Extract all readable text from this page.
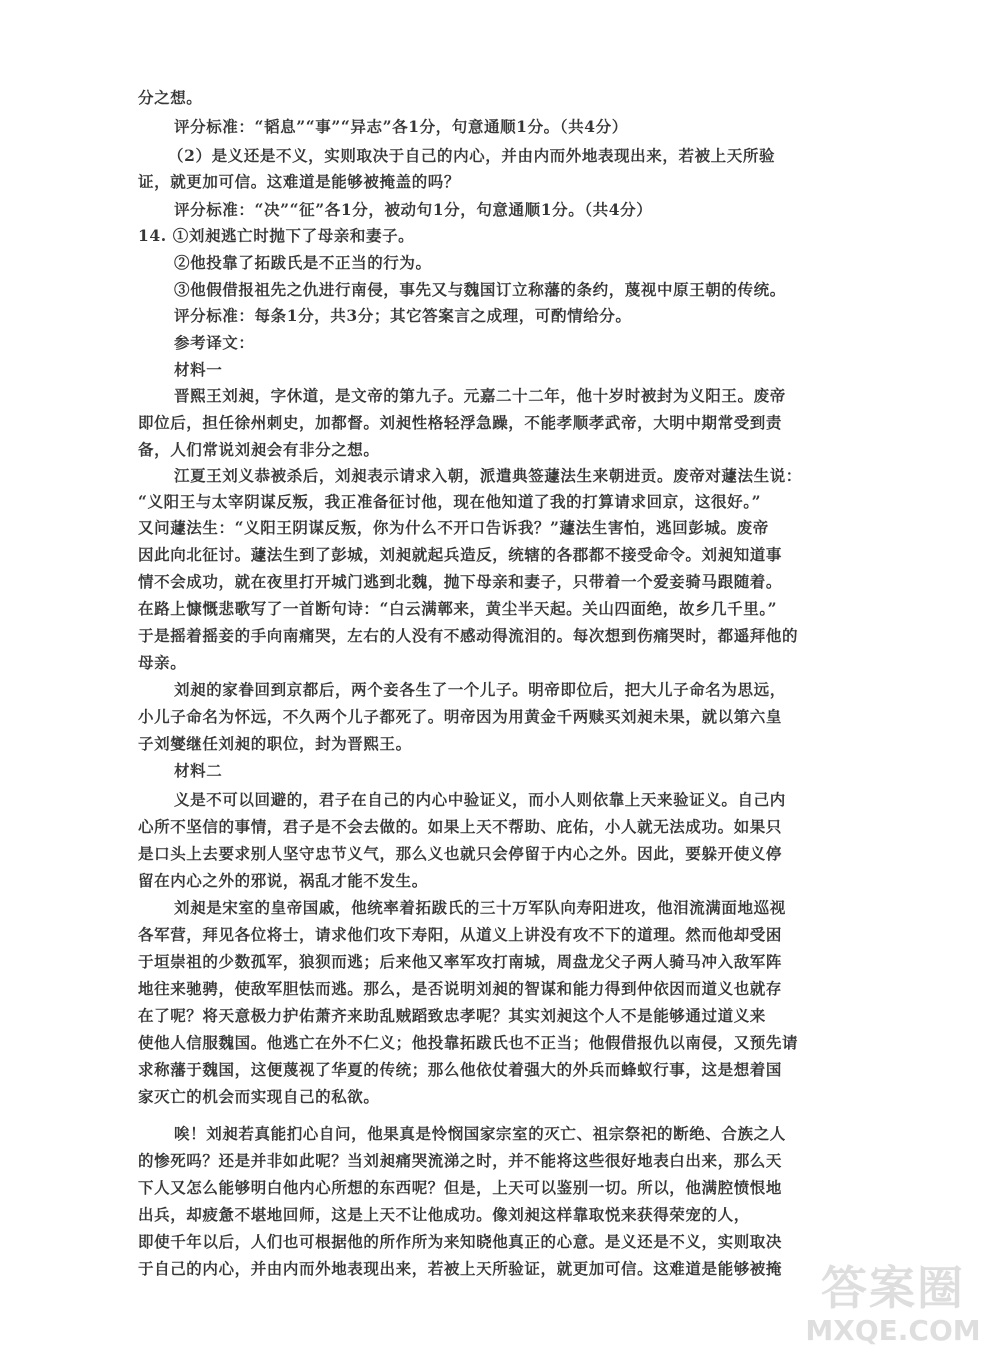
分之想。
评分标准：“韬息”“事”“异志”各1分，句意通顺1分。（共4分）
（2）是义还是不义，实则取决于自己的内心，并由内而外地表现出来，若被上天所验
证，就更加可信。这难道是能够被掩盖的吗？
评分标准：“决”“征”各1分，被动句1分，句意通顺1分。（共4分）
14. ①刘昶逃亡时抛下了母亲和妻子。
②他投靠了拓跋氏是不正当的行为。
③他假借报祖先之仇进行南侵，事先又与魏国订立称藩的条约，蔑视中原王朝的传统。
评分标准：每条1分，共3分；其它答案言之成理，可酌情给分。
参考译文：
材料一
晋熙王刘昶，字休道，是文帝的第九子。元嘉二十二年，他十岁时被封为义阳王。废帝
即位后，担任徐州刺史，加都督。刘昶性格轻浮急躁，不能孝顺孝武帝，大明中期常受到责
备，人们常说刘昶会有非分之想。
江夏王刘义恭被杀后，刘昶表示请求入朝，派遣典签蘧法生来朝进贡。废帝对蘧法生说：
“义阳王与太宰阴谋反叛，我正准备征讨他，现在他知道了我的打算请求回京，这很好。”
又问蘧法生：“义阳王阴谋反叛，你为什么不开口告诉我？”蘧法生害怕，逃回彭城。废帝
因此向北征讨。蘧法生到了彭城，刘昶就起兵造反，统辖的各郡都不接受命令。刘昶知道事
情不会成功，就在夜里打开城门逃到北魏，抛下母亲和妻子，只带着一个爱妾骑马跟随着。
在路上慷慨悲歌写了一首断句诗：“白云满鄣来，黄尘半天起。关山四面绝，故乡几千里。”
于是摇着摇妾的手向南痛哭，左右的人没有不感动得流泪的。每次想到伤痛哭时，都遥拜他的
母亲。
刘昶的家眷回到京都后，两个妾各生了一个儿子。明帝即位后，把大儿子命名为思远，
小儿子命名为怀远，不久两个儿子都死了。明帝因为用黄金千两赎买刘昶未果，就以第六皇
子刘燮继任刘昶的职位，封为晋熙王。
材料二
义是不可以回避的，君子在自己的内心中验证义，而小人则依靠上天来验证义。自己内
心所不坚信的事情，君子是不会去做的。如果上天不帮助、庇佑，小人就无法成功。如果只
是口头上去要求别人坚守忠节义气，那么义也就只会停留于内心之外。因此，要躲开使义停
留在内心之外的邪说，祸乱才能不发生。
刘昶是宋室的皇帝国戚，他统率着拓跋氏的三十万军队向寿阳进攻，他泪流满面地巡视
各军营，拜见各位将士，请求他们攻下寿阳，从道义上讲没有攻不下的道理。然而他却受困
于垣崇祖的少数孤军，狼狈而逃；后来他又率军攻打南城，周盘龙父子两人骑马冲入敌军阵
地往来驰骋，使敌军胆怯而逃。那么，是否说明刘昶的智谋和能力得到仲依因而道义也就存
在了呢？将天意极力护佑萧齐来助乱贼蹈致忠孝呢？其实刘昶这个人不是能够通过道义来
使他人信服魏国。他逃亡在外不仁义；他投靠拓跋氏也不正当；他假借报仇以南侵，又预先请
求称藩于魏国，这便蔑视了华夏的传统；那么他依仗着强大的外兵而蜂蚁行事，这是想着国
家灭亡的机会而实现自己的私欲。
唉！刘昶若真能扪心自问，他果真是怜悯国家宗室的灭亡、祖宗祭祀的断绝、合族之人
的惨死吗？还是并非如此呢？当刘昶痛哭流涕之时，并不能将这些很好地表白出来，那么天
下人又怎么能够明白他内心所想的东西呢？但是，上天可以鉴别一切。所以，他满腔愤恨地
出兵，却疲惫不堪地回师，这是上天不让他成功。像刘昶这样靠取悦来获得荣宠的人，
即使千年以后，人们也可根据他的所作所为来知晓他真正的心意。是义还是不义，实则取决
于自己的内心，并由内而外地表现出来，若被上天所验证，就更加可信。这难道是能够被掩 答案圈
MXQE.COM
